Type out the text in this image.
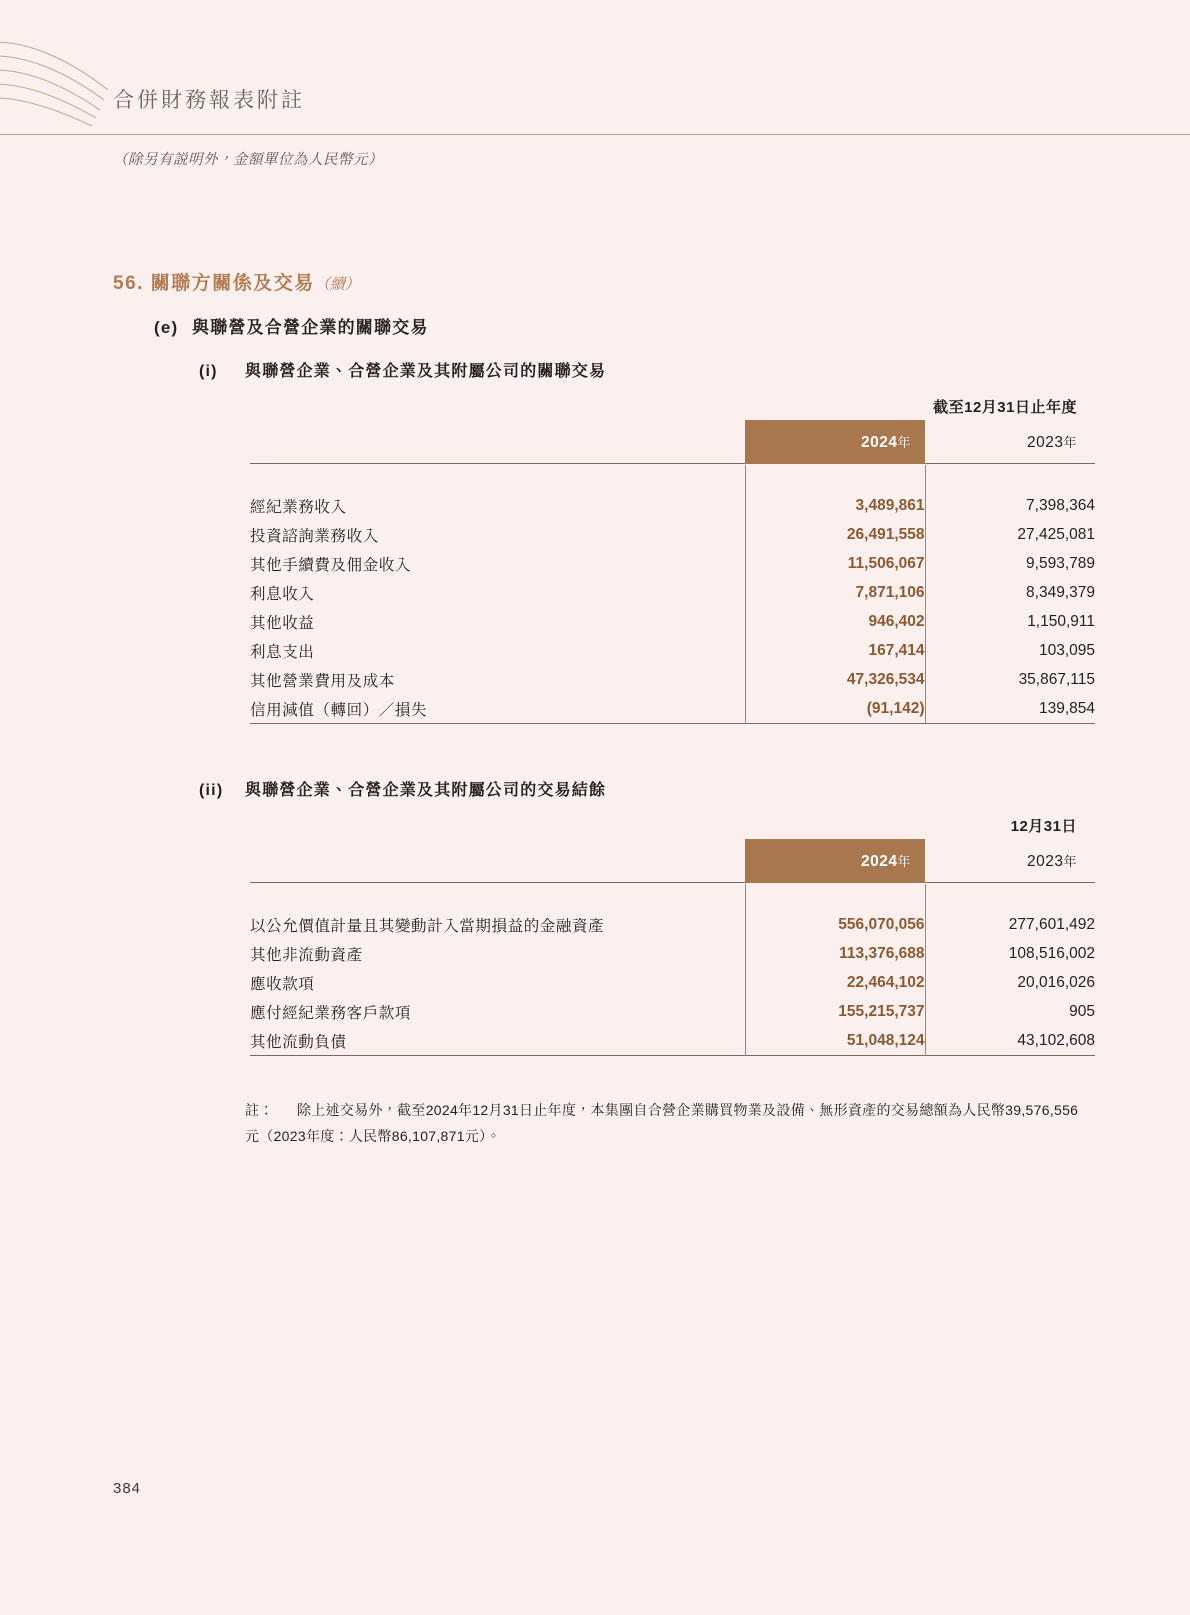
合併財務報表附註
（除另有説明外，金額單位為人民幣元）
56. 關聯方關係及交易（續）
(e) 與聯營及合營企業的關聯交易
(i) 與聯營企業、合營企業及其附屬公司的關聯交易
截至12月31日止年度
	2024年	2023年

經紀業務收入	3,489,861	7,398,364
投資諮詢業務收入	26,491,558	27,425,081
其他手續費及佣金收入	11,506,067	9,593,789
利息收入	7,871,106	8,349,379
其他收益	946,402	1,150,911
利息支出	167,414	103,095
其他營業費用及成本	47,326,534	35,867,115
信用減值（轉回）／損失	(91,142)	139,854

(ii) 與聯營企業、合營企業及其附屬公司的交易結餘
12月31日
	2024年	2023年

以公允價值計量且其變動計入當期損益的金融資產	556,070,056	277,601,492
其他非流動資產	113,376,688	108,516,002
應收款項	22,464,102	20,016,026
應付經紀業務客戶款項	155,215,737	905
其他流動負債	51,048,124	43,102,608

註：	除上述交易外，截至2024年12月31日止年度，本集團自合營企業購買物業及設備、無形資產的交易總額為人民幣39,576,556元（2023年度：人民幣86,107,871元）。
384
